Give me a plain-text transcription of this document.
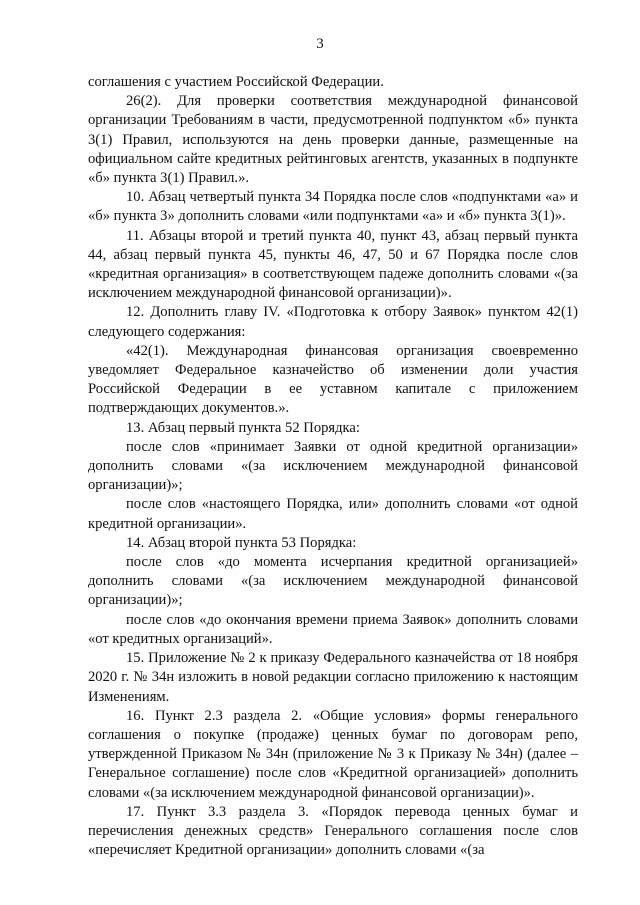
3

соглашения с участием Российской Федерации.

26(2). Для проверки соответствия международной финансовой организации Требованиям в части, предусмотренной подпунктом «б» пункта 3(1) Правил, используются на день проверки данные, размещенные на официальном сайте кредитных рейтинговых агентств, указанных в подпункте «б» пункта 3(1) Правил.».

10. Абзац четвертый пункта 34 Порядка после слов «подпунктами «а» и «б» пункта 3» дополнить словами «или подпунктами «а» и «б» пункта 3(1)».

11. Абзацы второй и третий пункта 40, пункт 43, абзац первый пункта 44, абзац первый пункта 45, пункты 46, 47, 50 и 67 Порядка после слов «кредитная организация» в соответствующем падеже дополнить словами «(за исключением международной финансовой организации)».

12. Дополнить главу IV. «Подготовка к отбору Заявок» пунктом 42(1) следующего содержания:

«42(1). Международная финансовая организация своевременно уведомляет Федеральное казначейство об изменении доли участия Российской Федерации в ее уставном капитале с приложением подтверждающих документов.».

13. Абзац первый пункта 52 Порядка:

после слов «принимает Заявки от одной кредитной организации» дополнить словами «(за исключением международной финансовой организации)»;

после слов «настоящего Порядка, или» дополнить словами «от одной кредитной организации».

14. Абзац второй пункта 53 Порядка:

после слов «до момента исчерпания кредитной организацией» дополнить словами «(за исключением международной финансовой организации)»;

после слов «до окончания времени приема Заявок» дополнить словами «от кредитных организаций».

15. Приложение № 2 к приказу Федерального казначейства от 18 ноября 2020 г. № 34н изложить в новой редакции согласно приложению к настоящим Изменениям.

16. Пункт 2.3 раздела 2. «Общие условия» формы генерального соглашения о покупке (продаже) ценных бумаг по договорам репо, утвержденной Приказом № 34н (приложение № 3 к Приказу № 34н) (далее – Генеральное соглашение) после слов «Кредитной организацией» дополнить словами «(за исключением международной финансовой организации)».

17. Пункт 3.3 раздела 3. «Порядок перевода ценных бумаг и перечисления денежных средств» Генерального соглашения после слов «перечисляет Кредитной организации» дополнить словами «(за
